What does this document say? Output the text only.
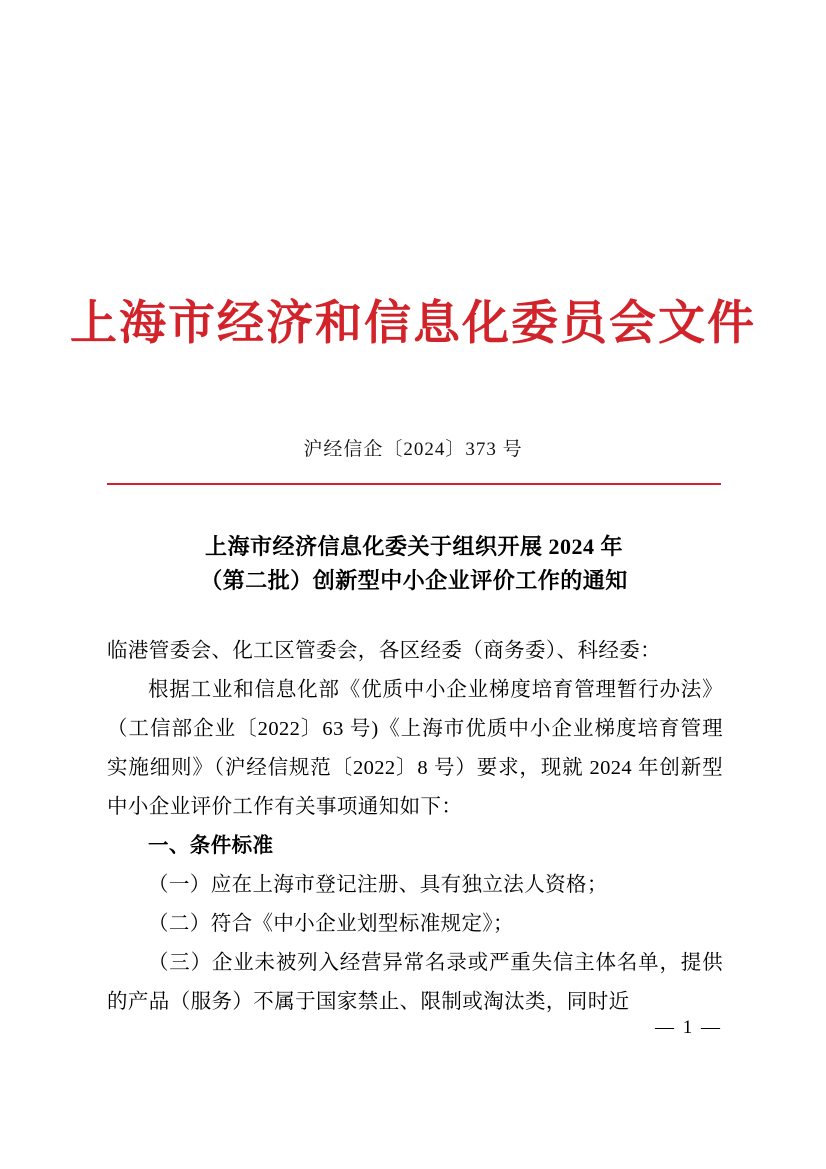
上海市经济和信息化委员会文件
沪经信企〔2024〕373 号
上海市经济信息化委关于组织开展 2024 年
（第二批）创新型中小企业评价工作的通知

临港管委会、化工区管委会，各区经委（商务委）、科经委：

根据工业和信息化部《优质中小企业梯度培育管理暂行办法》（工信部企业〔2022〕63 号)《上海市优质中小企业梯度培育管理实施细则》（沪经信规范〔2022〕8 号）要求，现就 2024 年创新型中小企业评价工作有关事项通知如下：

一、条件标准

（一）应在上海市登记注册、具有独立法人资格；

（二）符合《中小企业划型标准规定》；

（三）企业未被列入经营异常名录或严重失信主体名单，提供的产品（服务）不属于国家禁止、限制或淘汰类，同时近

— 1 —
